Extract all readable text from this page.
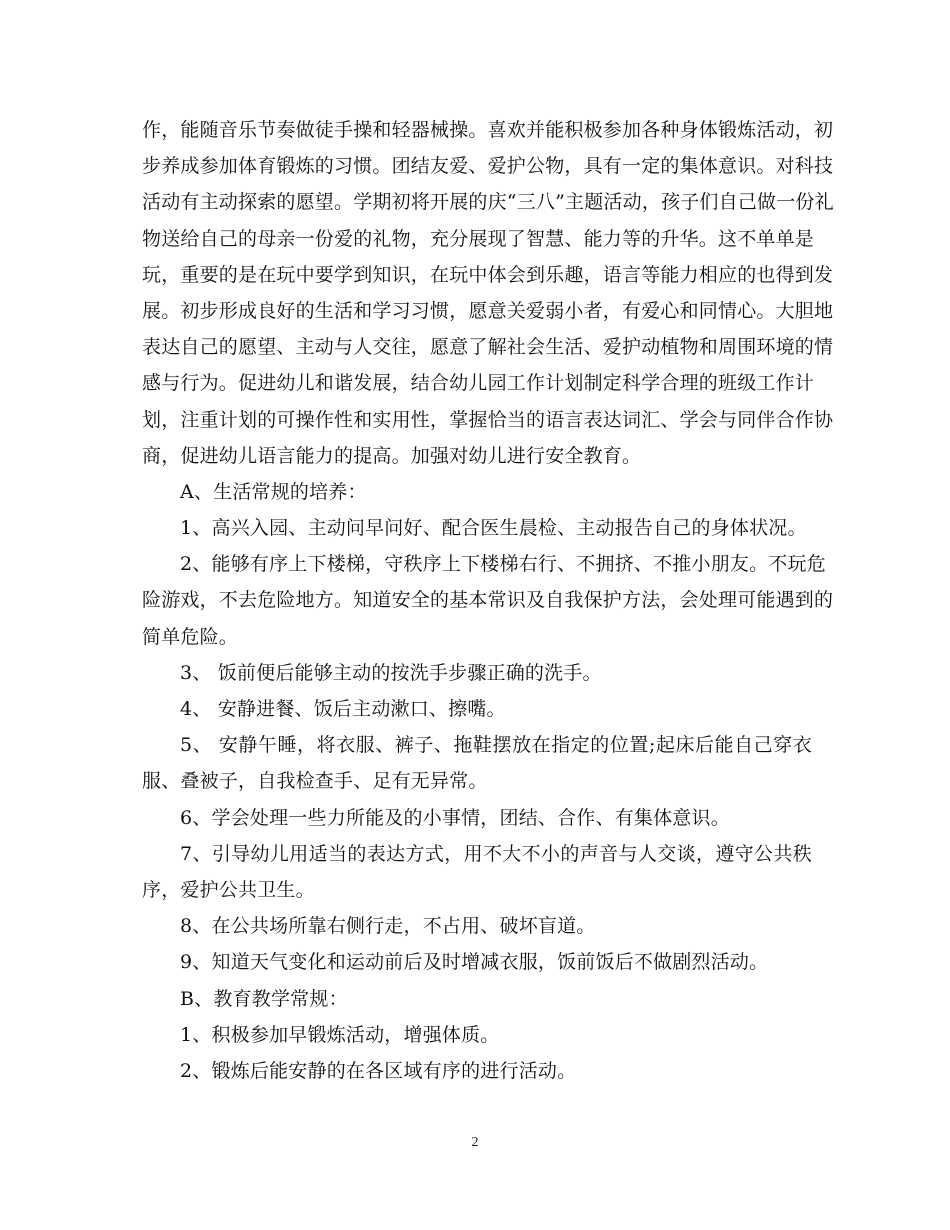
作，能随音乐节奏做徒手操和轻器械操。喜欢并能积极参加各种身体锻炼活动，初
步养成参加体育锻炼的习惯。团结友爱、爱护公物，具有一定的集体意识。对科技
活动有主动探索的愿望。学期初将开展的庆“三八”主题活动，孩子们自己做一份礼
物送给自己的母亲一份爱的礼物，充分展现了智慧、能力等的升华。这不单单是
玩，重要的是在玩中要学到知识，在玩中体会到乐趣，语言等能力相应的也得到发
展。初步形成良好的生活和学习习惯，愿意关爱弱小者，有爱心和同情心。大胆地
表达自己的愿望、主动与人交往，愿意了解社会生活、爱护动植物和周围环境的情
感与行为。促进幼儿和谐发展，结合幼儿园工作计划制定科学合理的班级工作计
划，注重计划的可操作性和实用性，掌握恰当的语言表达词汇、学会与同伴合作协
商，促进幼儿语言能力的提高。加强对幼儿进行安全教育。
A、生活常规的培养：
1、高兴入园、主动问早问好、配合医生晨检、主动报告自己的身体状况。
2、能够有序上下楼梯，守秩序上下楼梯右行、不拥挤、不推小朋友。不玩危
险游戏，不去危险地方。知道安全的基本常识及自我保护方法，会处理可能遇到的
简单危险。
3、 饭前便后能够主动的按洗手步骤正确的洗手。
4、 安静进餐、饭后主动漱口、擦嘴。
5、 安静午睡，将衣服、裤子、拖鞋摆放在指定的位置;起床后能自己穿衣
服、叠被子，自我检查手、足有无异常。
6、学会处理一些力所能及的小事情，团结、合作、有集体意识。
7、引导幼儿用适当的表达方式，用不大不小的声音与人交谈，遵守公共秩
序，爱护公共卫生。
8、在公共场所靠右侧行走，不占用、破坏盲道。
9、知道天气变化和运动前后及时增减衣服，饭前饭后不做剧烈活动。
B、教育教学常规：
1、积极参加早锻炼活动，增强体质。
2、锻炼后能安静的在各区域有序的进行活动。
2
